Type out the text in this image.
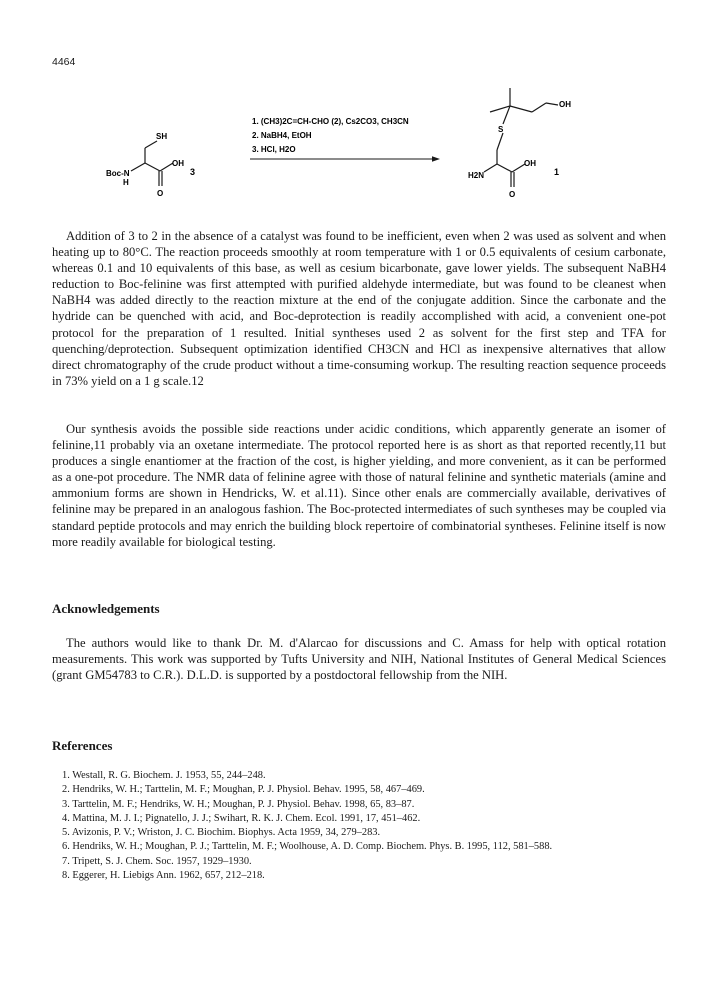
4464
SH
OH
Boc-N
H
O
3
1. (CH3)2C=CH-CHO (2), Cs2CO3, CH3CN
2. NaBH4, EtOH
3. HCl, H2O
OH
S
OH
H2N
O
1

Addition of 3 to 2 in the absence of a catalyst was found to be inefficient, even when 2 was used as solvent and when heating up to 80°C. The reaction proceeds smoothly at room temperature with 1 or 0.5 equivalents of cesium carbonate, whereas 0.1 and 10 equivalents of this base, as well as cesium bicarbonate, gave lower yields. The subsequent NaBH4 reduction to Boc-felinine was first attempted with purified aldehyde intermediate, but was found to be cleanest when NaBH4 was added directly to the reaction mixture at the end of the conjugate addition. Since the carbonate and the hydride can be quenched with acid, and Boc-deprotection is readily accomplished with acid, a convenient one-pot protocol for the preparation of 1 resulted. Initial syntheses used 2 as solvent for the first step and TFA for quenching/deprotection. Subsequent optimization identified CH3CN and HCl as inexpensive alternatives that allow direct chromatography of the crude product without a time-consuming workup. The resulting reaction sequence proceeds in 73% yield on a 1 g scale.12

Our synthesis avoids the possible side reactions under acidic conditions, which apparently generate an isomer of felinine,11 probably via an oxetane intermediate. The protocol reported here is as short as that reported recently,11 but produces a single enantiomer at the fraction of the cost, is higher yielding, and more convenient, as it can be performed as a one-pot procedure. The NMR data of felinine agree with those of natural felinine and synthetic materials (amine and ammonium forms are shown in Hendricks, W. et al.11). Since other enals are commercially available, derivatives of felinine may be prepared in an analogous fashion. The Boc-protected intermediates of such syntheses may be coupled via standard peptide protocols and may enrich the building block repertoire of combinatorial syntheses. Felinine itself is now more readily available for biological testing.

Acknowledgements

The authors would like to thank Dr. M. d'Alarcao for discussions and C. Amass for help with optical rotation measurements. This work was supported by Tufts University and NIH, National Institutes of General Medical Sciences (grant GM54783 to C.R.). D.L.D. is supported by a postdoctoral fellowship from the NIH.

References
1. Westall, R. G. Biochem. J. 1953, 55, 244–248.
2. Hendriks, W. H.; Tarttelin, M. F.; Moughan, P. J. Physiol. Behav. 1995, 58, 467–469.
3. Tarttelin, M. F.; Hendriks, W. H.; Moughan, P. J. Physiol. Behav. 1998, 65, 83–87.
4. Mattina, M. J. I.; Pignatello, J. J.; Swihart, R. K. J. Chem. Ecol. 1991, 17, 451–462.
5. Avizonis, P. V.; Wriston, J. C. Biochim. Biophys. Acta 1959, 34, 279–283.
6. Hendriks, W. H.; Moughan, P. J.; Tarttelin, M. F.; Woolhouse, A. D. Comp. Biochem. Phys. B. 1995, 112, 581–588.
7. Tripett, S. J. Chem. Soc. 1957, 1929–1930.
8. Eggerer, H. Liebigs Ann. 1962, 657, 212–218.
